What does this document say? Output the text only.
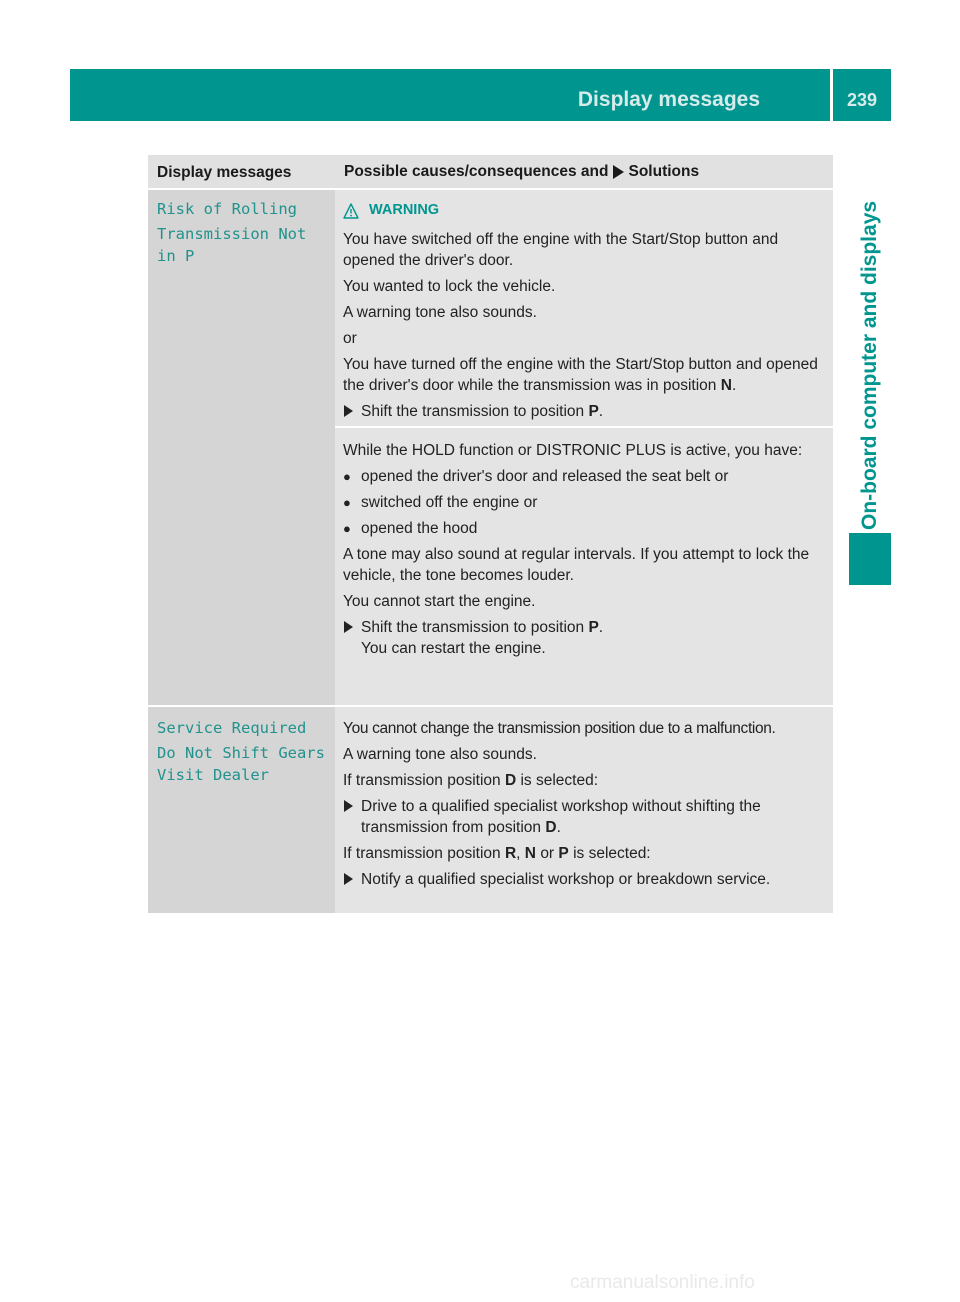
Display messages	239
On-board computer and displays
Display messages	Possible causes/consequences and Solutions
Risk of Rolling
Transmission Not
in P
WARNING

You have switched off the engine with the Start/Stop button and opened the driver's door.

You wanted to lock the vehicle.

A warning tone also sounds.

or

You have turned off the engine with the Start/Stop button and opened the driver's door while the transmission was in position N.

Shift the transmission to position P.

While the HOLD function or DISTRONIC PLUS is active, you have:

● opened the driver's door and released the seat belt or
● switched off the engine or
● opened the hood

A tone may also sound at regular intervals. If you attempt to lock the vehicle, the tone becomes louder.

You cannot start the engine.

Shift the transmission to position P.
You can restart the engine.
Service Required
Do Not Shift Gears
Visit Dealer

You cannot change the transmission position due to a malfunction.

A warning tone also sounds.

If transmission position D is selected:

Drive to a qualified specialist workshop without shifting the
transmission from position D.

If transmission position R, N or P is selected:

Notify a qualified specialist workshop or breakdown service.
carmanualsonline.info
